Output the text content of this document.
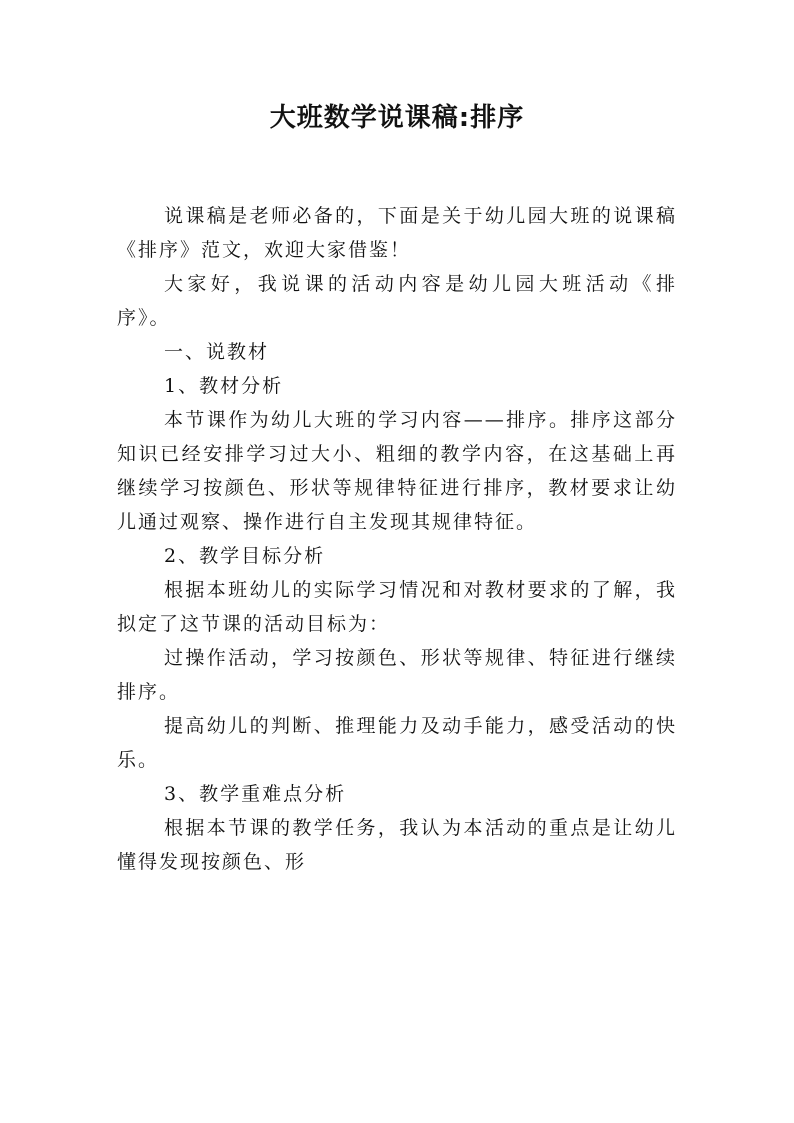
大班数学说课稿:排序

说课稿是老师必备的，下面是关于幼儿园大班的说课稿《排序》范文，欢迎大家借鉴！

大家好，我说课的活动内容是幼儿园大班活动《排序》。

一、说教材

1、教材分析

本节课作为幼儿大班的学习内容——排序。排序这部分知识已经安排学习过大小、粗细的教学内容，在这基础上再继续学习按颜色、形状等规律特征进行排序，教材要求让幼儿通过观察、操作进行自主发现其规律特征。

2、教学目标分析

根据本班幼儿的实际学习情况和对教材要求的了解，我拟定了这节课的活动目标为：

过操作活动，学习按颜色、形状等规律、特征进行继续排序。

提高幼儿的判断、推理能力及动手能力，感受活动的快乐。

3、教学重难点分析

根据本节课的教学任务，我认为本活动的重点是让幼儿懂得发现按颜色、形
